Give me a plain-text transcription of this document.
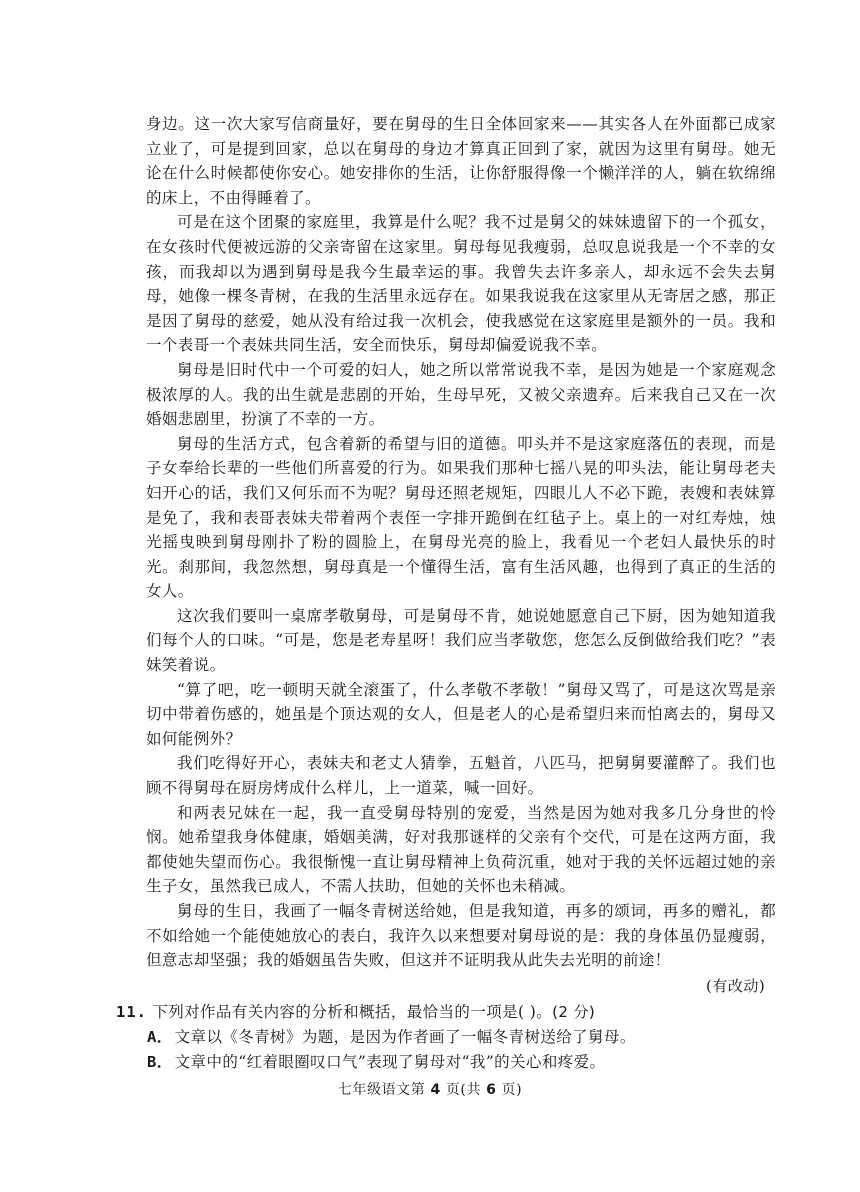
身边。这一次大家写信商量好，要在舅母的生日全体回家来——其实各人在外面都已成家立业了，可是提到回家，总以在舅母的身边才算真正回到了家，就因为这里有舅母。她无论在什么时候都使你安心。她安排你的生活，让你舒服得像一个懒洋洋的人，躺在软绵绵的床上，不由得睡着了。

可是在这个团聚的家庭里，我算是什么呢？我不过是舅父的妹妹遗留下的一个孤女，在女孩时代便被远游的父亲寄留在这家里。舅母每见我瘦弱，总叹息说我是一个不幸的女孩，而我却以为遇到舅母是我今生最幸运的事。我曾失去许多亲人，却永远不会失去舅母，她像一棵冬青树，在我的生活里永远存在。如果我说我在这家里从无寄居之感，那正是因了舅母的慈爱，她从没有给过我一次机会，使我感觉在这家庭里是额外的一员。我和一个表哥一个表妹共同生活，安全而快乐，舅母却偏爱说我不幸。

舅母是旧时代中一个可爱的妇人，她之所以常常说我不幸，是因为她是一个家庭观念极浓厚的人。我的出生就是悲剧的开始，生母早死，又被父亲遗弃。后来我自己又在一次婚姻悲剧里，扮演了不幸的一方。

舅母的生活方式，包含着新的希望与旧的道德。叩头并不是这家庭落伍的表现，而是子女奉给长辈的一些他们所喜爱的行为。如果我们那种七摇八晃的叩头法，能让舅母老夫妇开心的话，我们又何乐而不为呢？舅母还照老规矩，四眼儿人不必下跪，表嫂和表妹算是免了，我和表哥表妹夫带着两个表侄一字排开跪倒在红毡子上。桌上的一对红寿烛，烛光摇曳映到舅母刚扑了粉的圆脸上，在舅母光亮的脸上，我看见一个老妇人最快乐的时光。刹那间，我忽然想，舅母真是一个懂得生活，富有生活风趣，也得到了真正的生活的女人。

这次我们要叫一桌席孝敬舅母，可是舅母不肯，她说她愿意自己下厨，因为她知道我们每个人的口味。“可是，您是老寿星呀！我们应当孝敬您，您怎么反倒做给我们吃？”表妹笑着说。

“算了吧，吃一顿明天就全滚蛋了，什么孝敬不孝敬！”舅母又骂了，可是这次骂是亲切中带着伤感的，她虽是个顶达观的女人，但是老人的心是希望归来而怕离去的，舅母又如何能例外？

我们吃得好开心，表妹夫和老丈人猜拳，五魁首，八匹马，把舅舅要灌醉了。我们也顾不得舅母在厨房烤成什么样儿，上一道菜，喊一回好。

和两表兄妹在一起，我一直受舅母特别的宠爱，当然是因为她对我多几分身世的怜悯。她希望我身体健康，婚姻美满，好对我那谜样的父亲有个交代，可是在这两方面，我都使她失望而伤心。我很惭愧一直让舅母精神上负荷沉重，她对于我的关怀远超过她的亲生子女，虽然我已成人，不需人扶助，但她的关怀也未稍减。

舅母的生日，我画了一幅冬青树送给她，但是我知道，再多的颂词，再多的赠礼，都不如给她一个能使她放心的表白，我许久以来想要对舅母说的是：我的身体虽仍显瘦弱，但意志却坚强；我的婚姻虽告失败，但这并不证明我从此失去光明的前途！

(有改动)

11. 下列对作品有关内容的分析和概括，最恰当的一项是( )。(2 分)

A． 文章以《冬青树》为题，是因为作者画了一幅冬青树送给了舅母。

B． 文章中的“红着眼圈叹口气”表现了舅母对“我”的关心和疼爱。

七年级语文第 4 页(共 6 页)
